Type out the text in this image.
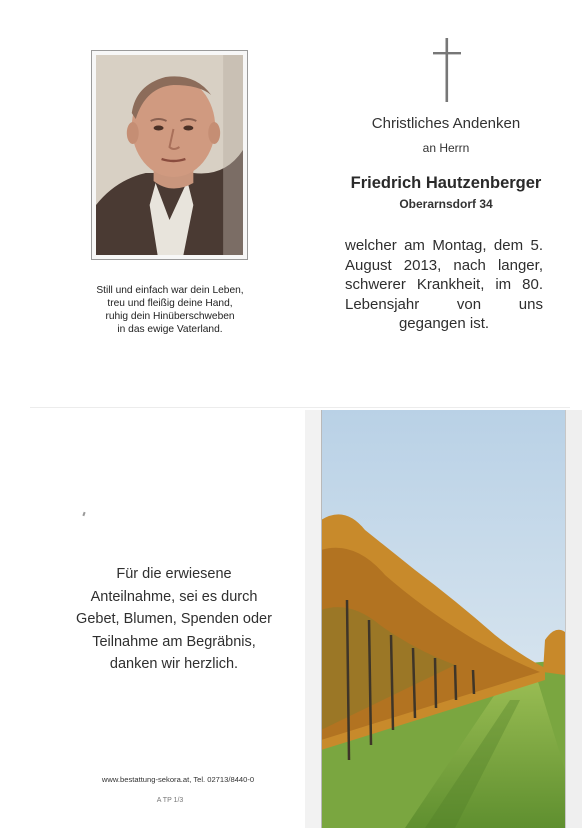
Still und einfach war dein Leben,
treu und fleißig deine Hand,
ruhig dein Hinüberschweben
in das ewige Vaterland.
Christliches Andenken
an Herrn
Friedrich Hautzenberger
Oberarnsdorf 34
welcher am Montag, dem 5. August 2013, nach langer, schwerer Krankheit, im 80. Lebensjahr von uns gegangen ist.
Für die erwiesene
Anteilnahme, sei es durch
Gebet, Blumen, Spenden oder
Teilnahme am Begräbnis,
danken wir herzlich.
www.bestattung-sekora.at, Tel. 02713/8440-0
A TP 1/3
